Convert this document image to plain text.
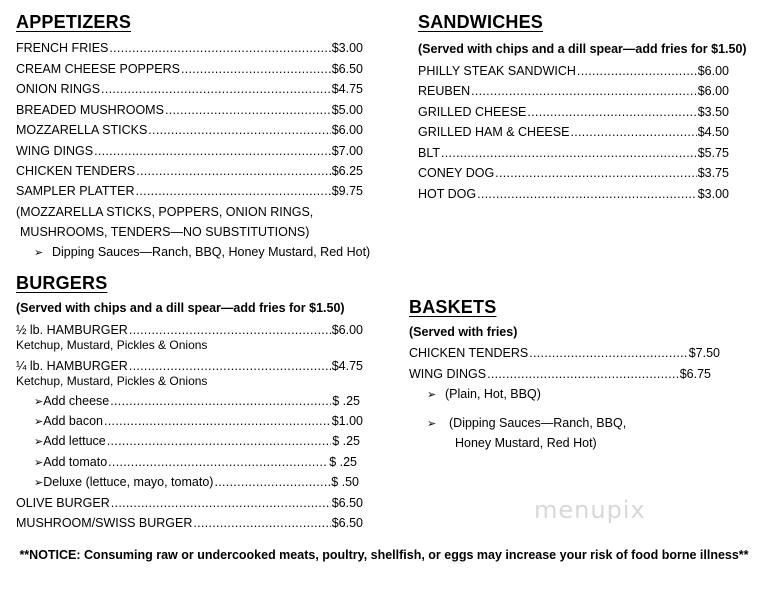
APPETIZERS
FRENCH FRIES .....	$3.00
CREAM CHEESE POPPERS .....	$6.50
ONION RINGS .....	$4.75
BREADED MUSHROOMS .....	$5.00
MOZZARELLA STICKS .....	$6.00
WING DINGS .....	$7.00
CHICKEN TENDERS .....	$6.25
SAMPLER PLATTER .....	$9.75
(MOZZARELLA STICKS, POPPERS, ONION RINGS,
MUSHROOMS, TENDERS—NO SUBSTITUTIONS)
➢ Dipping Sauces—Ranch, BBQ, Honey Mustard, Red Hot)
SANDWICHES
(Served with chips and a dill spear—add fries for $1.50)
PHILLY STEAK SANDWICH .....	$6.00
REUBEN .....	$6.00
GRILLED CHEESE .....	$3.50
GRILLED HAM & CHEESE .....	$4.50
BLT .....	$5.75
CONEY DOG .....	$3.75
HOT DOG .....	$3.00
BURGERS
(Served with chips and a dill spear—add fries for $1.50)
½ lb. HAMBURGER .....	$6.00
Ketchup, Mustard, Pickles & Onions
¼ lb. HAMBURGER .....	$4.75
Ketchup, Mustard, Pickles & Onions
➢ Add cheese .....	$ .25
➢ Add bacon .....	$1.00
➢ Add lettuce .....	$ .25
➢ Add tomato .....	$ .25
➢ Deluxe (lettuce, mayo, tomato) .....	$ .50
OLIVE BURGER .....	$6.50
MUSHROOM/SWISS BURGER .....	$6.50
BASKETS
(Served with fries)
CHICKEN TENDERS .....	$7.50
WING DINGS .....	$6.75
➢ (Plain, Hot, BBQ)
➢ (Dipping Sauces—Ranch, BBQ,
Honey Mustard, Red Hot)
menupix
**NOTICE: Consuming raw or undercooked meats, poultry, shellfish, or eggs may increase your risk of food borne illness**
